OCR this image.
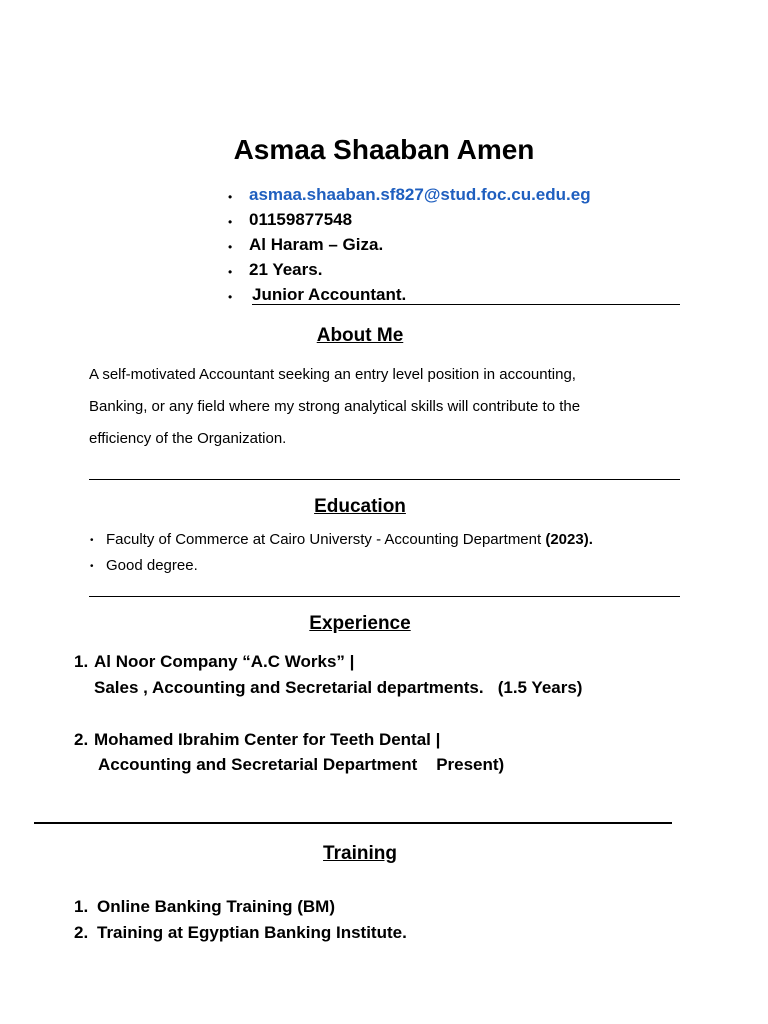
Asmaa Shaaban Amen
• asmaa.shaaban.sf827@stud.foc.cu.edu.eg
• 01159877548
• Al Haram – Giza.
• 21 Years.
• Junior Accountant.
About Me
A self-motivated Accountant seeking an entry level position in accounting,
Banking, or any field where my strong analytical skills will contribute to the
efficiency of the Organization.
Education
• Faculty of Commerce at Cairo Universty - Accounting Department (2023).
• Good degree.
Experience
1. Al Noor Company “A.C Works” |
Sales , Accounting and Secretarial departments.   (1.5 Years)
2. Mohamed Ibrahim Center for Teeth Dental |
Accounting and Secretarial Department    Present)
Training
1. Online Banking Training (BM)
2. Training at Egyptian Banking Institute.
